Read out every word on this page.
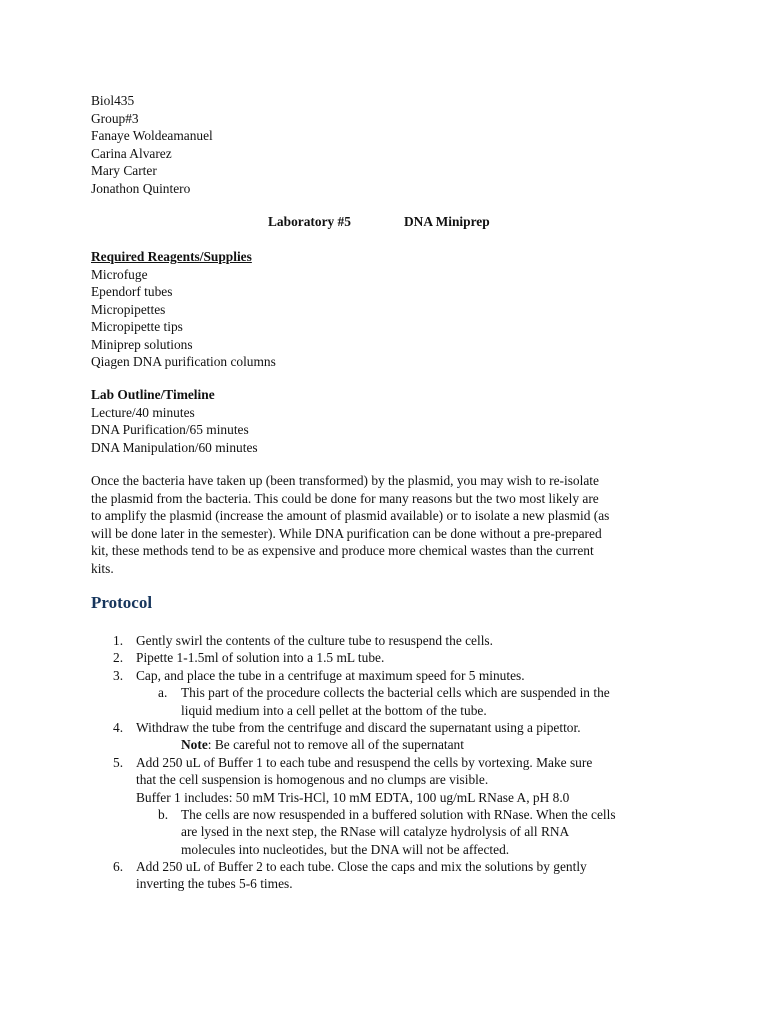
Biol435
Group#3
Fanaye Woldeamanuel
Carina Alvarez
Mary Carter
Jonathon Quintero
Laboratory #5	DNA Miniprep
Required Reagents/Supplies
Microfuge
Ependorf tubes
Micropipettes
Micropipette tips
Miniprep solutions
Qiagen DNA purification columns
Lab Outline/Timeline
Lecture/40 minutes
DNA Purification/65 minutes
DNA Manipulation/60 minutes
Once the bacteria have taken up (been transformed) by the plasmid, you may wish to re-isolate
the plasmid from the bacteria. This could be done for many reasons but the two most likely are
to amplify the plasmid (increase the amount of plasmid available) or to isolate a new plasmid (as
will be done later in the semester). While DNA purification can be done without a pre-prepared
kit, these methods tend to be as expensive and produce more chemical wastes than the current
kits.
Protocol
1. Gently swirl the contents of the culture tube to resuspend the cells.
2. Pipette 1-1.5ml of solution into a 1.5 mL tube.
3. Cap, and place the tube in a centrifuge at maximum speed for 5 minutes.
a. This part of the procedure collects the bacterial cells which are suspended in the
liquid medium into a cell pellet at the bottom of the tube.
4. Withdraw the tube from the centrifuge and discard the supernatant using a pipettor.
Note: Be careful not to remove all of the supernatant
5. Add 250 uL of Buffer 1 to each tube and resuspend the cells by vortexing. Make sure
that the cell suspension is homogenous and no clumps are visible.
Buffer 1 includes: 50 mM Tris-HCl, 10 mM EDTA, 100 ug/mL RNase A, pH 8.0
b. The cells are now resuspended in a buffered solution with RNase. When the cells
are lysed in the next step, the RNase will catalyze hydrolysis of all RNA
molecules into nucleotides, but the DNA will not be affected.
6. Add 250 uL of Buffer 2 to each tube. Close the caps and mix the solutions by gently
inverting the tubes 5-6 times.
